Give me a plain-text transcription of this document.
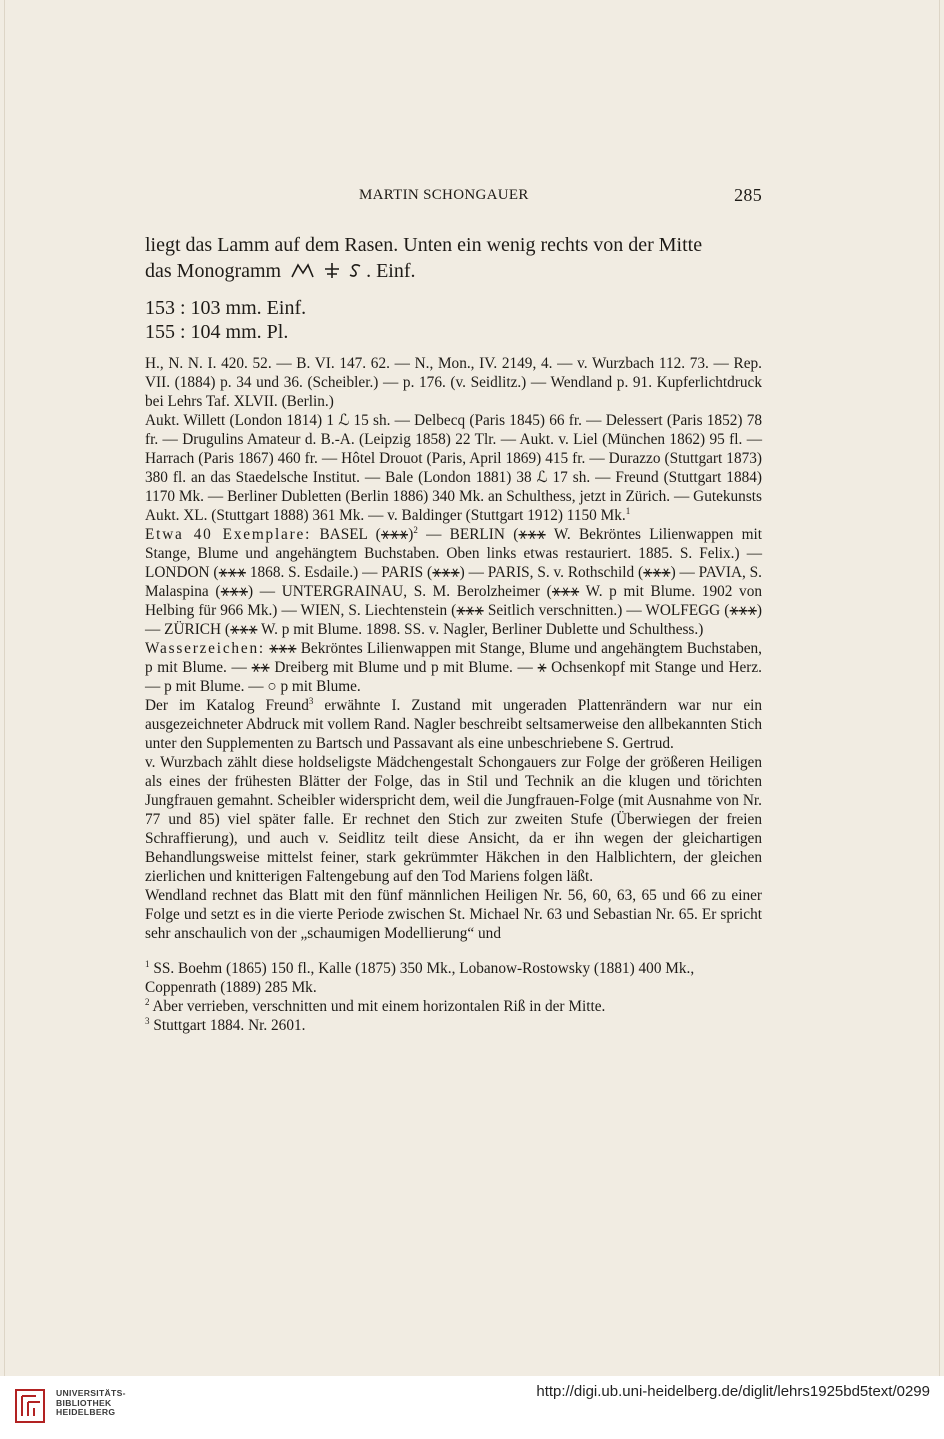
MARTIN SCHONGAUER	285

liegt das Lamm auf dem Rasen. Unten ein wenig rechts von der Mitte

das Monogramm	. Einf.

153 : 103 mm. Einf.

155 : 104 mm. Pl.

H., N. N. I. 420. 52. — B. VI. 147. 62. — N., Mon., IV. 2149, 4. — v. Wurzbach 112. 73. — Rep. VII. (1884) p. 34 und 36. (Scheibler.) — p. 176. (v. Seidlitz.) — Wendland p. 91. Kupferlichtdruck bei Lehrs Taf. XLVII. (Berlin.)

Aukt. Willett (London 1814) 1 ℒ 15 sh. — Delbecq (Paris 1845) 66 fr. — Delessert (Paris 1852) 78 fr. — Drugulins Amateur d. B.-A. (Leipzig 1858) 22 Tlr. — Aukt. v. Liel (München 1862) 95 fl. — Harrach (Paris 1867) 460 fr. — Hôtel Drouot (Paris, April 1869) 415 fr. — Durazzo (Stuttgart 1873) 380 fl. an das Staedelsche Institut. — Bale (London 1881) 38 ℒ 17 sh. — Freund (Stuttgart 1884) 1170 Mk. — Berliner Dubletten (Berlin 1886) 340 Mk. an Schulthess, jetzt in Zürich. — Gutekunsts Aukt. XL. (Stuttgart 1888) 361 Mk. — v. Baldinger (Stuttgart 1912) 1150 Mk.$^1$

Etwa 40 Exemplare: BASEL (⚹⚹⚹)$^2$ — BERLIN (⚹⚹⚹ W. Bekröntes Lilienwappen mit Stange, Blume und angehängtem Buchstaben. Oben links etwas restauriert. 1885. S. Felix.) — LONDON (⚹⚹⚹ 1868. S. Esdaile.) — PARIS (⚹⚹⚹) — PARIS, S. v. Rothschild (⚹⚹⚹) — PAVIA, S. Malaspina (⚹⚹⚹) — UNTERGRAINAU, S. M. Berolzheimer (⚹⚹⚹ W. p mit Blume. 1902 von Helbing für 966 Mk.) — WIEN, S. Liechtenstein (⚹⚹⚹ Seitlich verschnitten.) — WOLFEGG (⚹⚹⚹) — ZÜRICH (⚹⚹⚹ W. p mit Blume. 1898. SS. v. Nagler, Berliner Dublette und Schulthess.)

Wasserzeichen: ⚹⚹⚹ Bekröntes Lilienwappen mit Stange, Blume und angehängtem Buchstaben, p mit Blume. — ⚹⚹ Dreiberg mit Blume und p mit Blume. — ⚹ Ochsenkopf mit Stange und Herz. — p mit Blume. — ○ p mit Blume.

Der im Katalog Freund$^3$ erwähnte I. Zustand mit ungeraden Plattenrändern war nur ein ausgezeichneter Abdruck mit vollem Rand. Nagler beschreibt seltsamerweise den allbekannten Stich unter den Supplementen zu Bartsch und Passavant als eine unbeschriebene S. Gertrud.

v. Wurzbach zählt diese holdseligste Mädchengestalt Schongauers zur Folge der größeren Heiligen als eines der frühesten Blätter der Folge, das in Stil und Technik an die klugen und törichten Jungfrauen gemahnt. Scheibler widerspricht dem, weil die Jungfrauen-Folge (mit Ausnahme von Nr. 77 und 85) viel später falle. Er rechnet den Stich zur zweiten Stufe (Überwiegen der freien Schraffierung), und auch v. Seidlitz teilt diese Ansicht, da er ihn wegen der gleichartigen Behandlungsweise mittelst feiner, stark gekrümmter Häkchen in den Halblichtern, der gleichen zierlichen und knitterigen Faltengebung auf den Tod Mariens folgen läßt.

Wendland rechnet das Blatt mit den fünf männlichen Heiligen Nr. 56, 60, 63, 65 und 66 zu einer Folge und setzt es in die vierte Periode zwischen St. Michael Nr. 63 und Sebastian Nr. 65. Er spricht sehr anschaulich von der „schaumigen Modellierung“ und

$^1$ SS. Boehm (1865) 150 fl., Kalle (1875) 350 Mk., Lobanow-Rostowsky (1881) 400 Mk., Coppenrath (1889) 285 Mk.

$^2$ Aber verrieben, verschnitten und mit einem horizontalen Riß in der Mitte.

$^3$ Stuttgart 1884. Nr. 2601.

UNIVERSITÄTS-
BIBLIOTHEK
HEIDELBERG
http://digi.ub.uni-heidelberg.de/diglit/lehrs1925bd5text/0299
